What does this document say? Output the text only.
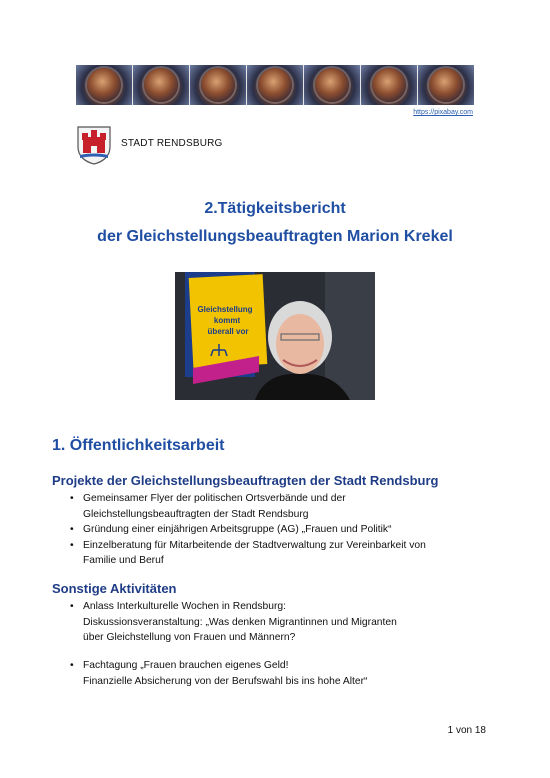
https://pixabay.com
STADT RENDSBURG
2.Tätigkeitsbericht
der Gleichstellungsbeauftragten Marion Krekel
Gleichstellung
kommt
überall vor
1. Öffentlichkeitsarbeit
Projekte der Gleichstellungsbeauftragten der Stadt Rendsburg
• Gemeinsamer Flyer der politischen Ortsverbände und der
Gleichstellungsbeauftragten der Stadt Rendsburg
• Gründung einer einjährigen Arbeitsgruppe (AG) „Frauen und Politik“
• Einzelberatung für Mitarbeitende der Stadtverwaltung zur Vereinbarkeit von
Familie und Beruf
Sonstige Aktivitäten
• Anlass Interkulturelle Wochen in Rendsburg:
Diskussionsveranstaltung: „Was denken Migrantinnen und Migranten
über Gleichstellung von Frauen und Männern?
• Fachtagung „Frauen brauchen eigenes Geld!
Finanzielle Absicherung von der Berufswahl bis ins hohe Alter“
1 von 18
